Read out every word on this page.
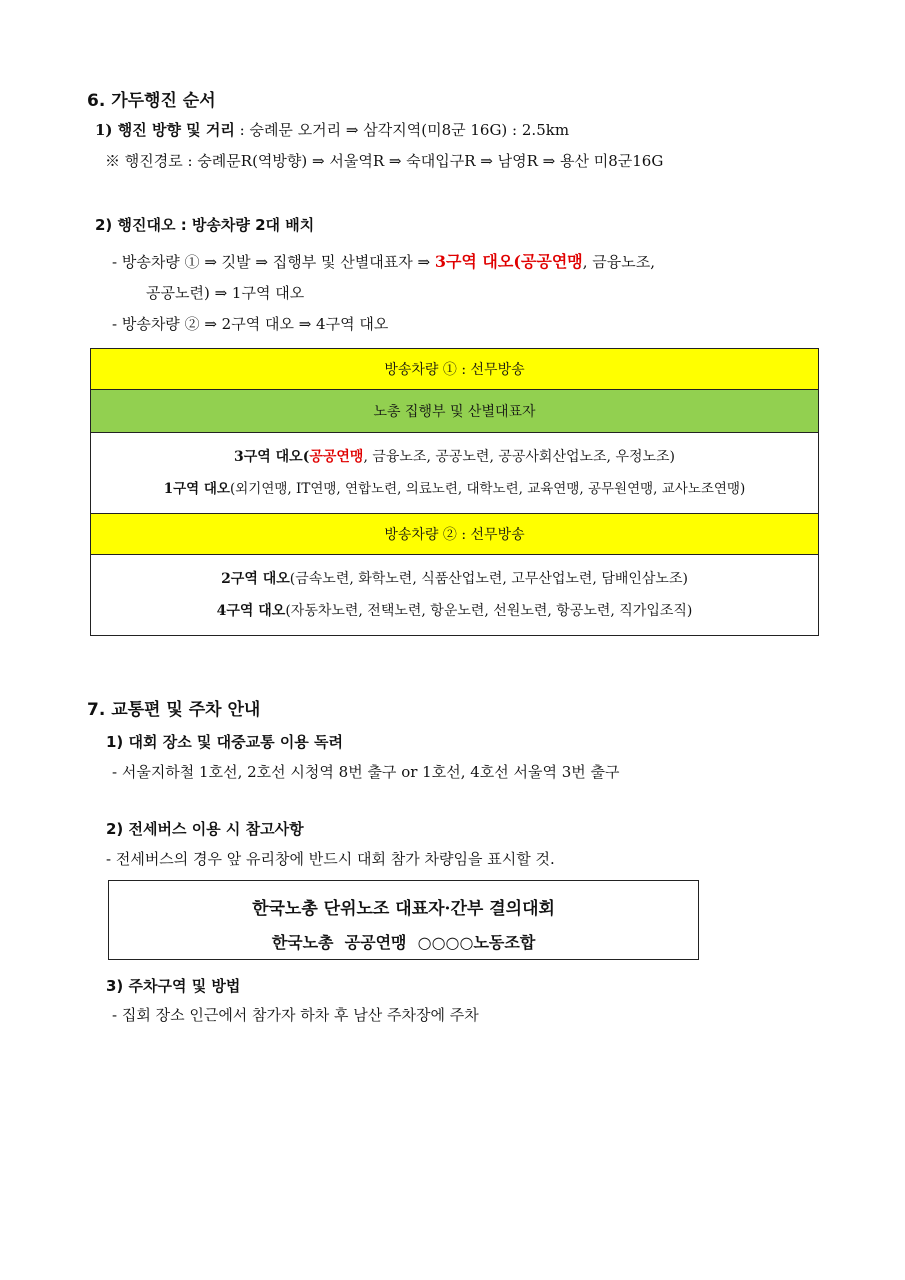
6. 가두행진 순서
1) 행진 방향 및 거리 : 숭례문 오거리 ⇒ 삼각지역(미8군 16G) : 2.5km
※ 행진경로 : 숭례문R(역방향) ⇒ 서울역R ⇒ 숙대입구R ⇒ 남영R ⇒ 용산 미8군16G
2) 행진대오 : 방송차량 2대 배치
- 방송차량 ① ⇒ 깃발 ⇒ 집행부 및 산별대표자 ⇒ 3구역 대오(공공연맹, 금융노조,
공공노련) ⇒ 1구역 대오
- 방송차량 ② ⇒ 2구역 대오 ⇒ 4구역 대오
방송차량 ① : 선무방송
노총 집행부 및 산별대표자

3구역 대오(공공연맹, 금융노조, 공공노련, 공공사회산업노조, 우정노조)
1구역 대오(외기연맹, IT연맹, 연합노련, 의료노련, 대학노련, 교육연맹, 공무원연맹, 교사노조연맹)

방송차량 ② : 선무방송

2구역 대오(금속노련, 화학노련, 식품산업노련, 고무산업노련, 담배인삼노조)
4구역 대오(자동차노련, 전택노련, 항운노련, 선원노련, 항공노련, 직가입조직)
7. 교통편 및 주차 안내
1) 대회 장소 및 대중교통 이용 독려
- 서울지하철 1호선, 2호선 시청역 8번 출구 or 1호선, 4호선 서울역 3번 출구
2) 전세버스 이용 시 참고사항
- 전세버스의 경우 앞 유리창에 반드시 대회 참가 차량임을 표시할 것.
한국노총 단위노조 대표자·간부 결의대회
한국노총  공공연맹  ○○○○노동조합
3) 주차구역 및 방법
- 집회 장소 인근에서 참가자 하차 후 남산 주차장에 주차
